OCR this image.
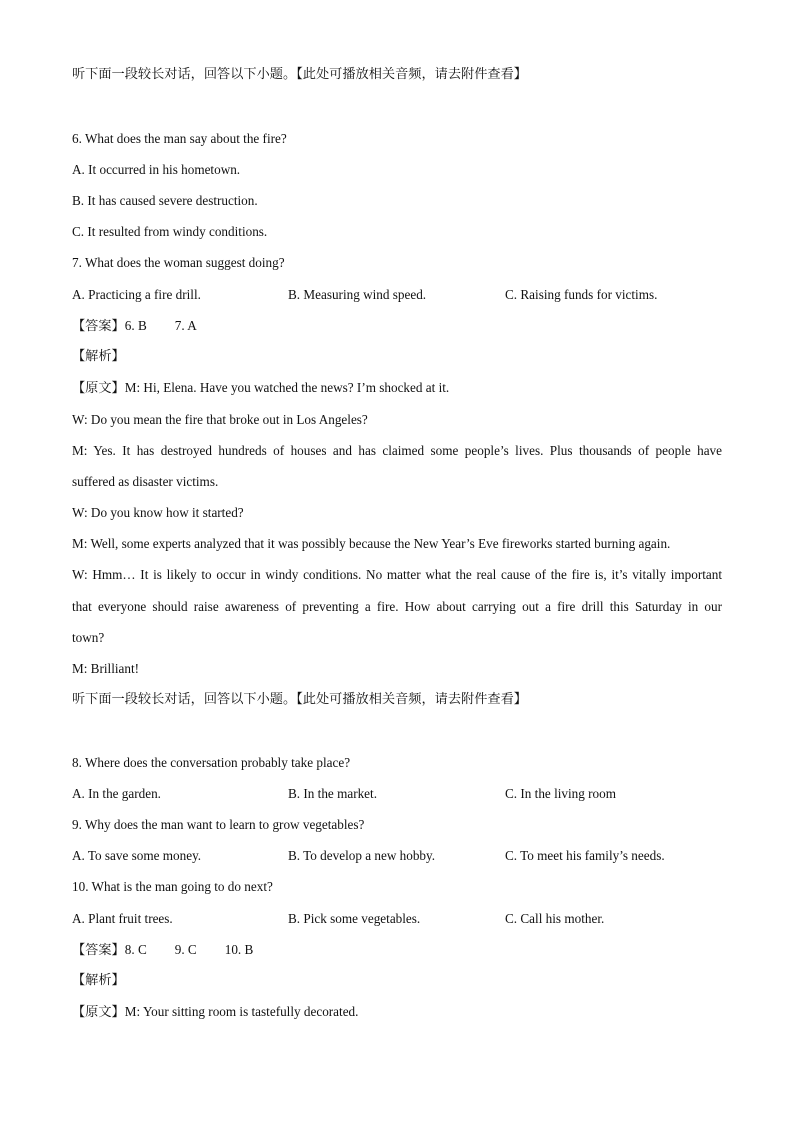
听下面一段较长对话，回答以下小题。【此处可播放相关音频，请去附件查看】
6. What does the man say about the fire?
A. It occurred in his hometown.
B. It has caused severe destruction.
C. It resulted from windy conditions.
7. What does the woman suggest doing?
A. Practicing a fire drill.	B. Measuring wind speed.	C. Raising funds for victims.
【答案】6. B 7. A
【解析】
【原文】M: Hi, Elena. Have you watched the news? I’m shocked at it.
W: Do you mean the fire that broke out in Los Angeles?
M: Yes. It has destroyed hundreds of houses and has claimed some people’s lives. Plus thousands of people have
suffered as disaster victims.
W: Do you know how it started?
M: Well, some experts analyzed that it was possibly because the New Year’s Eve fireworks started burning again.
W: Hmm… It is likely to occur in windy conditions. No matter what the real cause of the fire is, it’s vitally important
that everyone should raise awareness of preventing a fire. How about carrying out a fire drill this Saturday in our
town?
M: Brilliant!
听下面一段较长对话，回答以下小题。【此处可播放相关音频，请去附件查看】
8. Where does the conversation probably take place?
A. In the garden.	B. In the market.	C. In the living room
9. Why does the man want to learn to grow vegetables?
A. To save some money.	B. To develop a new hobby.	C. To meet his family’s needs.
10. What is the man going to do next?
A. Plant fruit trees.	B. Pick some vegetables.	C. Call his mother.
【答案】8. C 9. C 10. B
【解析】
【原文】M: Your sitting room is tastefully decorated.
